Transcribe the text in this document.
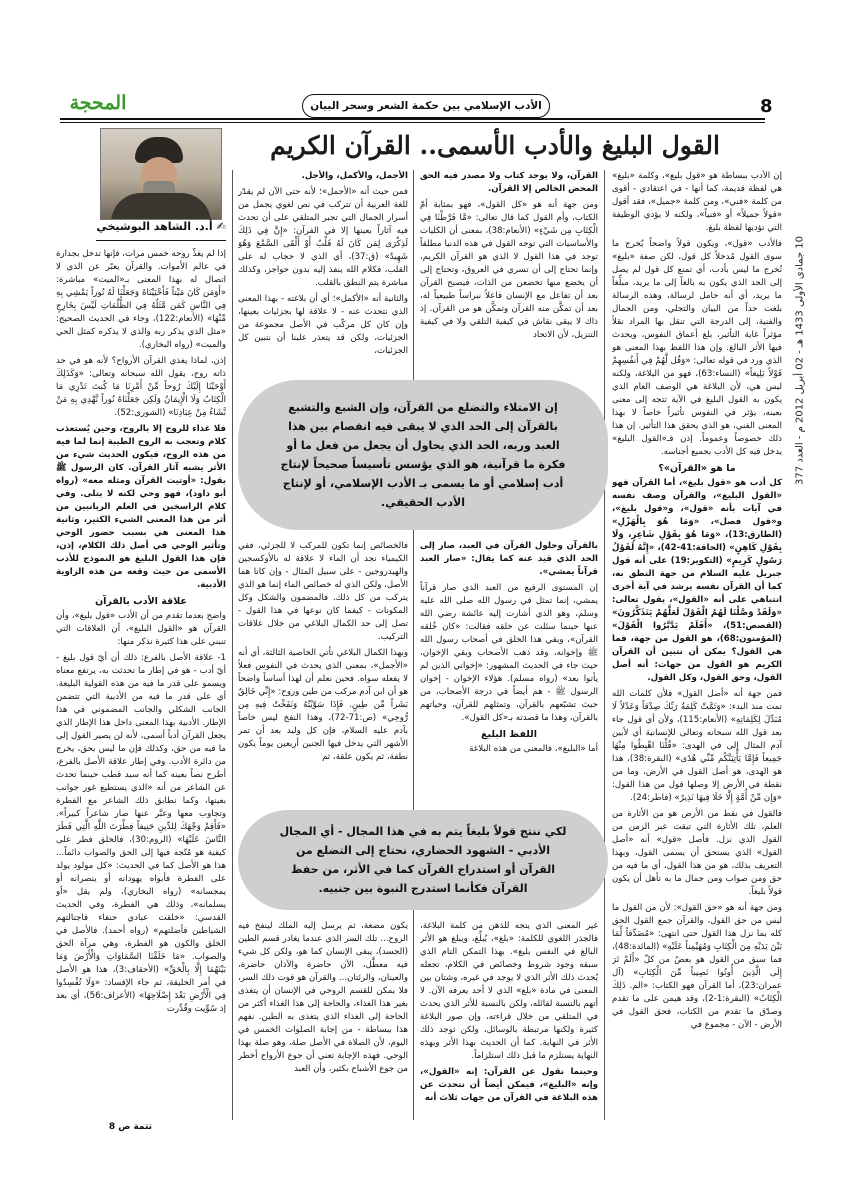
8
الأدب الإسلامي بين حكمة الشعر وسحر البيان
المحجة
10 جمادى الأولى 1433 هـ - 02 أبريل 2012 م - العدد 377
القول البليغ والأدب الأسمى.. القرآن الكريم
✍ أ.د. الشاهد البوشيخي

إن الأدب ببساطة هو «قول بليغ»، وكلمة «بليغ» هي لفظة قديمة، كما أنها - في اعتقادي - أقوى من كلمة «فني»، ومن كلمة «جميل»، فقد أقول «قولاً جميلاً» أو «فنياً»، ولكنه لا يؤدي الوظيفة التي تؤديها لفظة بليغ.

فالأدب «قول»، ويكون قولاً واضحاً يُخرج ما سوى القول مُدخلاً كل قول، لكن صفة «بليغ» تُخرج ما ليس بأدب، أي تمنع كل قول لم يصل إلى الحد الذي يكون به بالغاً إلى ما يريد، مبلِّغاً ما يريد، أي أنه حامل لرسالة، وهذه الرسالة بلغت حداً من البيان والتجلي، ومن الجمال والفنية، إلى الدرجة التي تنقل بها المراد نقلاً مؤثراً غاية التأثير، بلغ أعماق النفوس، ويحدث فيها الأثر البالغ. وإن هذا اللفظ بهذا المعنى هو الذي ورد في قوله تعالى: «وَقُل لَّهُمْ فِي أَنفُسِهِمْ قَوْلاً بَلِيغاً» (النساء:63)، فهو من البلاغة، ولكنه ليس هي، لأن البلاغة هي الوصف العام الذي يكون به القول البليغ في الآية تتجه إلى معنى بعينه، يؤثر في النفوس تأثيراً خاصاً لا بهذا المعنى الفني، هو الذي يحقق هذا التأثير. إن هذا ذلك خصوصاً وعموماً. إذن فـ«القول البليغ» يدخل فيه كل الأدب بجميع أجناسه.

ما هو «القرآن»؟

كل أدب هو «قول بليغ»، أما القرآن فهو «القول البليغ»، والقرآن وصف نفسه في آيات بأنه «قول»، و«قول بليغ»، و«قول فصل»، «وَمَا هُوَ بِالْهَزْلِ» (الطارق:13)، «وَمَا هُوَ بِقَوْلِ شَاعِرٍ، وَلَا بِقَوْلِ كَاهِنٍ» (الحاقة:41-42)، «إِنَّهُ لَقَوْلُ رَسُولٍ كَرِيمٍ» (التكوير:19) على أنه قول جبريل عليه السلام من جهة النطق به، كما أن القرآن نفسه يرشد في آية أخرى انتباهي على أنه «القول»، يقول تعالى: «وَلَقَدْ وَصَّلْنَا لَهُمُ الْقَوْلَ لَعَلَّهُمْ يَتَذَكَّرُونَ» (القصص:51)، «أَفَلَمْ يَدَّبَّرُوا الْقَوْلَ» (المؤمنون:68)، هو القول من جهة، فما هي القول؟ يمكن أن نتبين أن القرآن الكريم هو القول من جهات: أنه أصل القول، وحق القول، وكل القول.

فمن جهة أنه «أصل القول» فلأن كلمات الله تمت منذ البدء: «وَتَمَّتْ كَلِمَةُ رَبِّكَ صِدْقاً وَعَدْلاً لَا مُبَدِّلَ لِكَلِمَاتِهِ» (الأنعام:115)، ولأن أي قول جاء بعد قول الله سبحانه وتعالى للإنسانية أي لأبين آدم المثال إلى في الهدى: «قُلْنَا اهْبِطُوا مِنْهَا جَمِيعاً فَإِمَّا يَأْتِيَنَّكُم مِّنِّي هُدًى» (البقرة:38)، هذا هو الهدى، هو أصل القول في الأرض، وما من نقطة في الأرض إلا وصلها قول من هذا القول: «وَإِن مِّنْ أُمَّةٍ إِلَّا خَلَا فِيهَا نَذِيرٌ» (فاطر:24).

فالقول في نقط من الأرض هو من الأثارة من العلم، تلك الأثارة التي تبقت عبر الزمن من القول الذي نزل. فأصل «قول» أنه «أصل القول» الذي يستحق أن يسمى القول، وبهذا التعريف بذلك، هو من هذا القول، أي ما فيه من حق ومن صواب ومن جمال ما به تأهل أن يكون قولاً بليغاً.

ومن جهة أنه هو «حق القول»: لأن من القول ما ليس من حق القول، والقرآن جمع القول الحق كله بما نزل هذا القول حتى انتهى: «مُصَدِّقاً لِّمَا بَيْنَ يَدَيْهِ مِنَ الْكِتَابِ وَمُهَيْمِناً عَلَيْهِ» (المائدة:48)، فما سبق من القول هو بعضٌ من كلّ «أَلَمْ تَرَ إِلَى الَّذِينَ أُوتُوا نَصِيباً مِّنَ الْكِتَابِ» (آل عمران:23)، أما القرآن فهو الكتاب: «الم. ذَلِكَ الْكِتَابُ» (البقرة:1-2)، وقد هيمن على ما تقدم وصدّق ما تقدم من الكتاب، فحق القول في الأرض - الآن - مجموع في

القرآن، ولا يوجد كتاب ولا مصدر فيه الحق المحض الخالص إلا القرآن.

ومن جهة أنه هو «كل القول»، فهو بمثابة أمّ الكتاب، وأم القول كما قال تعالى: «مَّا فَرَّطْنَا فِي الْكِتَابِ مِن شَيْءٍ» (الأنعام:38)، بمعنى أن الكليات والأساسيات التي توجه القول في هذه الدنيا مطلقاً توجد في هذا القول لا الذي هو القرآن الكريم، وإنما تحتاج إلى أن تسري في العروق، وتحتاج إلى أن يخضع منها تخضعن من الذات، فيصبح القرآن بعد أن تفاعل مع الإنسان فاعلاً نبراساً طبيعياً له، بعد أن تمكَّن منه القرآن وتمكَّن هو من القرآن. إذ ذاك لا يبقى نقاش في كيفية التلقي ولا في كيفية التنزيل، لأن الاتحاد

الأجمل، والأكمل، والأجل.

فمن حيث أنه «الأجمل»؛ لأنه حتى الآن لم يقدّر للغة العربية أن تتركب في نص لغوي يجمل من أسرار الجمال التي تجبر المتلقي على أن تحدث فيه آثاراً بعينها إلا في القرآن: «إِنَّ فِي ذَلِكَ لَذِكْرَى لِمَن كَانَ لَهُ قَلْبٌ أَوْ أَلْقَى السَّمْعَ وَهُوَ شَهِيدٌ» (ق:37)، أي الذي لا حجاب له على القلب، فكلام الله ينفذ إليه بدون حواجز، وكذلك مباشرة يتم النطق بالقلب.

والثانية أنه «الأكمل»؛ أي أن بلاغته - بهذا المعنى الذي نتحدث عنه - لا علاقة لها بجزئيات بعينها، وإن كان كل مركّب في الأصل مجموعة من الجزئيات، ولكن قد يتعذر علينا أن نتبين كل الجزئيات،

إن الامتلاء والتضلع من القرآن، وإن الشبع والتشبع بالقرآن إلى الحد الذي لا يبقى فيه انفصام بين هذا العبد وربه، الحد الذي يحاول أن يجعل من فعل ما أو فكرة ما قرآنية، هو الذي يؤسس تأسيساً صحيحاً لإنتاج أدب إسلامي أو ما يسمى بـ الأدب الإسلامي، أو لإنتاج الأدب الحقيقي.

بالقرآن وحلول القرآن في العبد، صار إلى الحد الذي قيد عنه كما يقال: «صار العبد قرآناً يمشي».

إن المستوى الرفيع من العبد الذي صار قرآناً يمشي، إنما تمثل في رسول الله صلى الله عليه وسلم، وهو الذي أشارت إليه عائشة رضي الله عنها حينما سئلت عن خلقه فقالت: «كان خُلقه القرآن»، وبقي هذا الخلق في أصحاب رسول الله ﷺ وإخوانه، وقد ذهب الأصحاب وبقي الإخوان، حيث جاء في الحديث المشهور: «إخواني الذين لم يأتوا بعد» (رواه مسلم). هؤلاء الإخوان - إخوان الرسول ﷺ - هم أيضاً في درجة الأصحاب، من حيث تشبّعهم بالقرآن، وتمثلهم للقرآن، وحياتهم بالقرآن، وهذا ما قصدته بـ«كل القول».

اللفظ البليغ

أما «البليغ»، فالمعنى من هذه البلاغة

فالخصائص إنما تكون للمركب لا للجزئي، ففي الكيمياء نجد أن الماء لا علاقة له بالأوكسجين والهيدروجين - على سبيل المثال - وإن كانا هما الأصل، ولكن الذي له خصائص الماء إنما هو الذي يتركب من كل ذلك. فالمضمون والشكل وكل المكونات - كيفما كان نوعها في هذا القول - تصل إلى حد الكمال البلاغي من خلال علاقات التركيب.

وبهذا الكمال البلاغي تأتي الخاصية الثالثة، أي أنه «الأجمل»، بمعنى الذي يحدث في النفوس فعلاً لا يفعله سواه. فحين نعلم أن لهذا أساساً واضحاً هو أن ابن آدم مركب من طين وروح: «إِنِّي خَالِقٌ بَشَراً مِّن طِينٍ. فَإِذَا سَوَّيْتُهُ وَنَفَخْتُ فِيهِ مِن رُّوحِي» (ص:71-72)، وهذا النفخ ليس خاصاً بآدم عليه السلام، فإن كل وليد بعد أن تمر الأشهر التي يدخل فيها الجنين أربعين يوماً يكون نطفة، ثم يكون علقة، ثم

لكي ننتج قولاً بليغاً يتم به في هذا المجال - أي المجال الأدبي - الشهود الحضاري، نحتاج إلى التضلع من القرآن أو استدراج القرآن كما في الأثر، من حفظ القرآن فكأنما استدرج النبوة بين جنبيه.

غير المعنى الذي يتجه للذهن من كلمة البلاغة، فالجذر اللغوي للكلمة: «بلغ»، يُبلِّغ، ويبلغ هو الأثر البالغ في النفس بليغ». بهذا التمكن التام الذي سبقه وجود شروط وخصائص في الكلام، تجعله يُحدث ذلك الأثر الذي لا يوجد في غيره، وشتان بين المعنى في مادة «بلغ» الذي لا أحد يعرفه الآن. لا أتهم بالنسبة لقائله، ولكن بالنسبة للأثر الذي يحدث في المتلقي من خلال قراءته، وإن صور البلاغة كثيرة ولكنها مرتبطة بالوسائل، ولكن توجد ذلك الأثر في النهاية. كما أن الحديث بهذا الأثر وبهذه النهاية يستلزم ما قبل ذلك استلزاماً.

وحينما نقول عن القرآن: إنه «القول»، وإنه «البليغ»، فيمكن أيضاً أن نتحدث عن هذه البلاغة في القرآن من جهات ثلاث أنه

يكون مضغة، ثم يرسل إليه الملك لينفخ فيه الروح... تلك السر الذي عندما يغادر قسم الطين (الجسد)، يبقى الإنسان كما هو، ولكن كل شيء فيه معطَّل، الآن حاضرة والآذان حاضرة، والعينان، والرئتان... والقرآن هو قوت ذلك السر، فلا يمكن للقسم الروحي في الإنسان أن يتغذى بغير هذا الغذاء، والحاجة إلى هذا الغذاء أكثر من الحاجة إلى الغذاء الذي يتغذى به الطين. نفهم هذا ببساطة - من إجابة الصلوات الخمس في اليوم، لأن الصلاة في الأصل صلة، وهو صلة بهذا الوحي. فهذه الإجابة تعني أن جوع الأرواح أخطر من جوع الأشباح بكثير، وأن العبد

إذا لم يغذِّ روحه خمس مرات، فإنها تدخل بجدارة في عالم الأموات. والقرآن يعبّر عن الذي لا اتصال له بهذا المعنى بـ«الميت» مباشرة: «أَوَمَن كَانَ مَيْتاً فَأَحْيَيْنَاهُ وَجَعَلْنَا لَهُ نُوراً يَمْشِي بِهِ فِي النَّاسِ كَمَن مَّثَلُهُ فِي الظُّلُمَاتِ لَيْسَ بِخَارِجٍ مِّنْهَا» (الأنعام:122)، وجاء في الحديث الصحيح: «مثل الذي يذكر ربه والذي لا يذكره كمثل الحي والميت» (رواه البخاري).

إذن، لماذا يغذي القرآن الأرواح؟ لأنه هو في حد ذاته روح، يقول الله سبحانه وتعالى: «وَكَذَلِكَ أَوْحَيْنَا إِلَيْكَ رُوحاً مِّنْ أَمْرِنَا مَا كُنتَ تَدْرِي مَا الْكِتَابُ وَلَا الْإِيمَانُ وَلَكِن جَعَلْنَاهُ نُوراً نَّهْدِي بِهِ مَنْ نَّشَاءُ مِنْ عِبَادِنَا» (الشورى:52).

فلا غذاء للروح إلا بالروح، وحين يُستعذب كلام وتعجب به الروح الطيبة إنما لما فيه من هذه الروح، فيكون الحديث شيء من الأثر يشبه آثار القرآن. كان الرسول ﷺ يقول: «أوتيت القرآن ومثله معه» (رواه أبو داود)، فهو وحي لكنه لا يتلى. وفي كلام الراسخين في العلم الربانيين من أثر من هذا المعنى الشيء الكثير، وثانية هذا المعنى هي بسبب حضور الوحي وتأثير الوحي في أصل ذلك الكلام، إذن، فإن هذا القول البليغ هو النموذج للأدب الأسمى من حيث وقعه من هذه الزاوية الأدبية.

علاقة الأدب بالقرآن

واضح بعدما تقدم من أن الأدب «قول بليغ»، وأن القرآن هو «القول البليغ»، أن العلاقات التي تنبني على هذا كثيرة نذكر منها:

1- علاقة الأصل بالفرع: ذلك أن أيّ قول بليغ - أيّ أدب - هو في إطار ما تحدثت به، يرتفع معناه ويسمو على قدر ما فيه من هذه القولية البليغة. أي على قدر ما فيه من الأدبية التي تتضمن الجانب الشكلي والجانب المضموني في هذا الإطار. الأدبية بهذا المعنى داخل هذا الإطار الذي يجعل القرآن أدباً أسمى، لأنه لن يصير القول إلى ما فيه من حق، وكذلك فإن ما ليس بحق، يخرج من دائرة الأدب. وفي إطار علاقة الأصل بالفرع، أطرح نصاً بعينه كما أنه سيد قطب حينما تحدث عن الشاعر من أنه «الذي يستطيع غور جوانب بعينها، وكما نطابق ذلك الشاعر مع الفطرة وتجاوب معها وعبَّر عنها صار شاعراً كبيراً». «فَأَقِمْ وَجْهَكَ لِلدِّينِ حَنِيفاً فِطْرَتَ اللَّهِ الَّتِي فَطَرَ النَّاسَ عَلَيْهَا» (الروم:30)، فالخلق فطر على كيفية هو مُتّجه فيها إلى الحق والصواب دائماً... هذا هو الأصل كما في الحديث: «كل مولود يولد على الفطرة فأبواه يهودانه أو ينصرانه أو يمجسانه» (رواه البخاري)، ولم يقل «أو يسلمانه»، وذلك هي الفطرة، وفي الحديث القدسي: «خلقت عبادي حنفاء فاجتالتهم الشياطين فأضلتهم» (رواه أحمد). فالأصل في الخلق والكون هو الفطرة، وهي مرآة الحق والصواب. «مَا خَلَقْنَا السَّمَاوَاتِ وَالْأَرْضَ وَمَا بَيْنَهُمَا إِلَّا بِالْحَقِّ» (الأحقاف:3)، هذا هو الأصل في أمر الخليقة، ثم جاء الإفساد: «وَلَا تُفْسِدُوا فِي الْأَرْضِ بَعْدَ إِصْلَاحِهَا» (الأعراف:56)، أي بعد إذ سُوِّيت وقُدِّرت

تتمة ص 8
